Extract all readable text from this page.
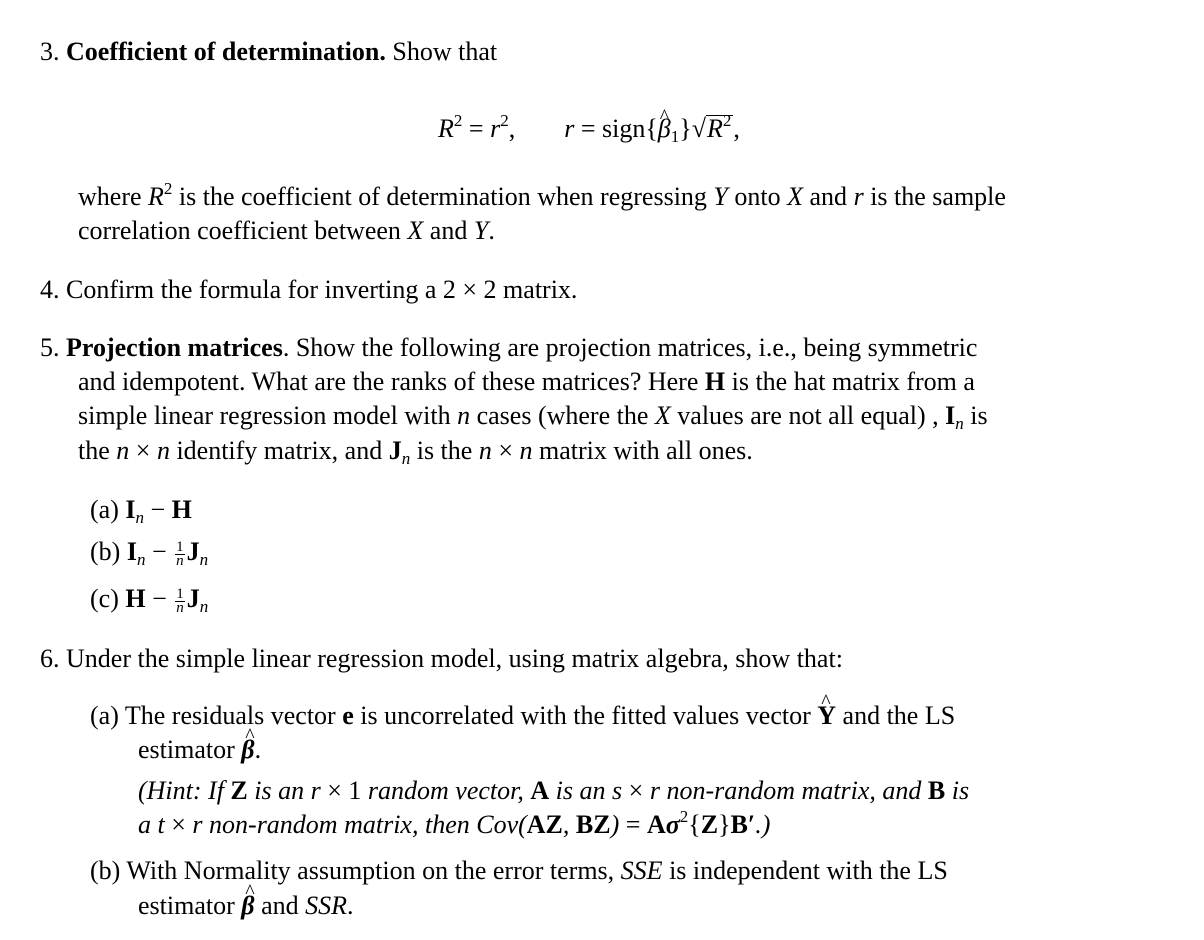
3. Coefficient of determination. Show that
$R^2 = r^2$,  r = sign{^ $\beta_1\}√R^2$,
where $R^2$ is the coefficient of determination when regressing Y onto X and r is the sample
correlation coefficient between X and Y.
4. Confirm the formula for inverting a 2 × 2 matrix.
5. Projection matrices. Show the following are projection matrices, i.e., being symmetric
and idempotent. What are the ranks of these matrices? Here H is the hat matrix from a
simple linear regression model with n cases (where the X values are not all equal) , $I_n$ is
the n × n identify matrix, and $J_n$ is the n × n matrix with all ones.
(a) $I_n - H$
(b) $I_n - \frac{1}{n} J_n$
(c) $H - \frac{1}{n} J_n$
6. Under the simple linear regression model, using matrix algebra, show that:
(a) The residuals vector e is uncorrelated with the fitted values vector ^ Y and the LS
estimator ^ β.
(Hint: If Z is an r × 1 random vector, A is an s × r non-random matrix, and B is
a t × r non-random matrix, then Cov(AZ, $BZ) = A\sigma^2\{Z\}B'$.)
(b) With Normality assumption on the error terms, SSE is independent with the LS
estimator ^ β and SSR.
